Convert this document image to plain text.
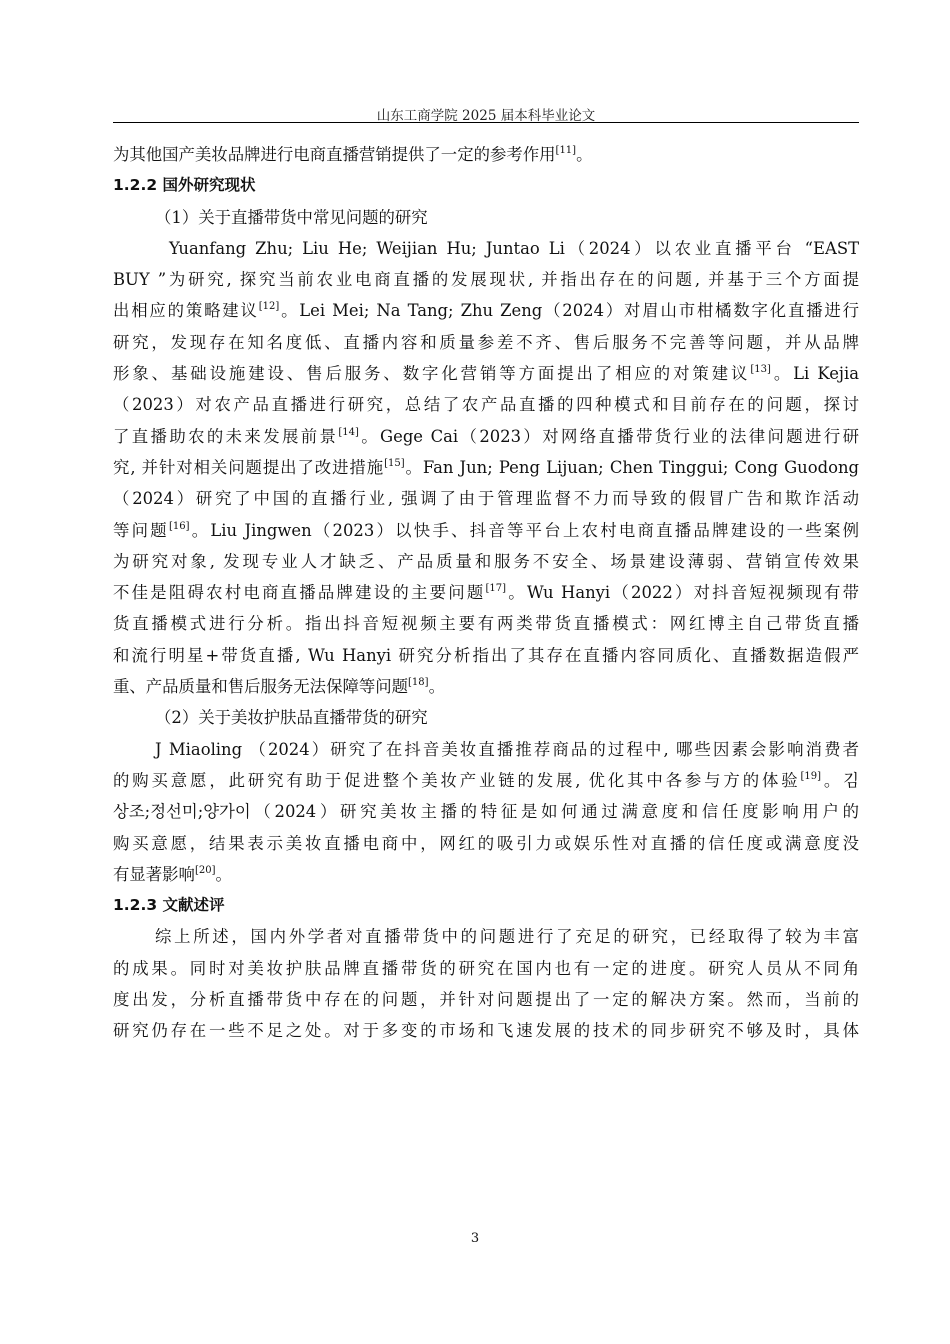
山东工商学院 2025 届本科毕业论文
为其他国产美妆品牌进行电商直播营销提供了一定的参考作用[11]。
1.2.2 国外研究现状
（1）关于直播带货中常见问题的研究
Yuanfang Zhu; Liu He; Weijian Hu; Juntao Li（2024）以农业直播平台 “EAST
BUY ”为研究, 探究当前农业电商直播的发展现状, 并指出存在的问题, 并基于三个方面提
出相应的策略建议[12]。Lei Mei; Na Tang; Zhu Zeng（2024）对眉山市柑橘数字化直播进行
研究，发现存在知名度低、直播内容和质量参差不齐、售后服务不完善等问题，并从品牌
形象、基础设施建设、售后服务、数字化营销等方面提出了相应的对策建议[13]。Li Kejia
（2023）对农产品直播进行研究，总结了农产品直播的四种模式和目前存在的问题，探讨
了直播助农的未来发展前景[14]。Gege Cai（2023）对网络直播带货行业的法律问题进行研
究, 并针对相关问题提出了改进措施[15]。Fan Jun; Peng Lijuan; Chen Tinggui; Cong Guodong
（2024）研究了中国的直播行业, 强调了由于管理监督不力而导致的假冒广告和欺诈活动
等问题[16]。Liu Jingwen（2023）以快手、抖音等平台上农村电商直播品牌建设的一些案例
为研究对象, 发现专业人才缺乏、产品质量和服务不安全、场景建设薄弱、营销宣传效果
不佳是阻碍农村电商直播品牌建设的主要问题[17]。Wu Hanyi（2022）对抖音短视频现有带
货直播模式进行分析。指出抖音短视频主要有两类带货直播模式：网红博主自己带货直播
和流行明星+带货直播, Wu Hanyi 研究分析指出了其存在直播内容同质化、直播数据造假严
重、产品质量和售后服务无法保障等问题[18]。
（2）关于美妆护肤品直播带货的研究
J Miaoling （2024）研究了在抖音美妆直播推荐商品的过程中, 哪些因素会影响消费者
的购买意愿，此研究有助于促进整个美妆产业链的发展, 优化其中各参与方的体验[19]。김
상조;정선미;양가이（2024）研究美妆主播的特征是如何通过满意度和信任度影响用户的
购买意愿，结果表示美妆直播电商中，网红的吸引力或娱乐性对直播的信任度或满意度没
有显著影响[20]。
1.2.3 文献述评
综上所述，国内外学者对直播带货中的问题进行了充足的研究，已经取得了较为丰富
的成果。同时对美妆护肤品牌直播带货的研究在国内也有一定的进度。研究人员从不同角
度出发，分析直播带货中存在的问题，并针对问题提出了一定的解决方案。然而，当前的
研究仍存在一些不足之处。对于多变的市场和飞速发展的技术的同步研究不够及时，具体
3
